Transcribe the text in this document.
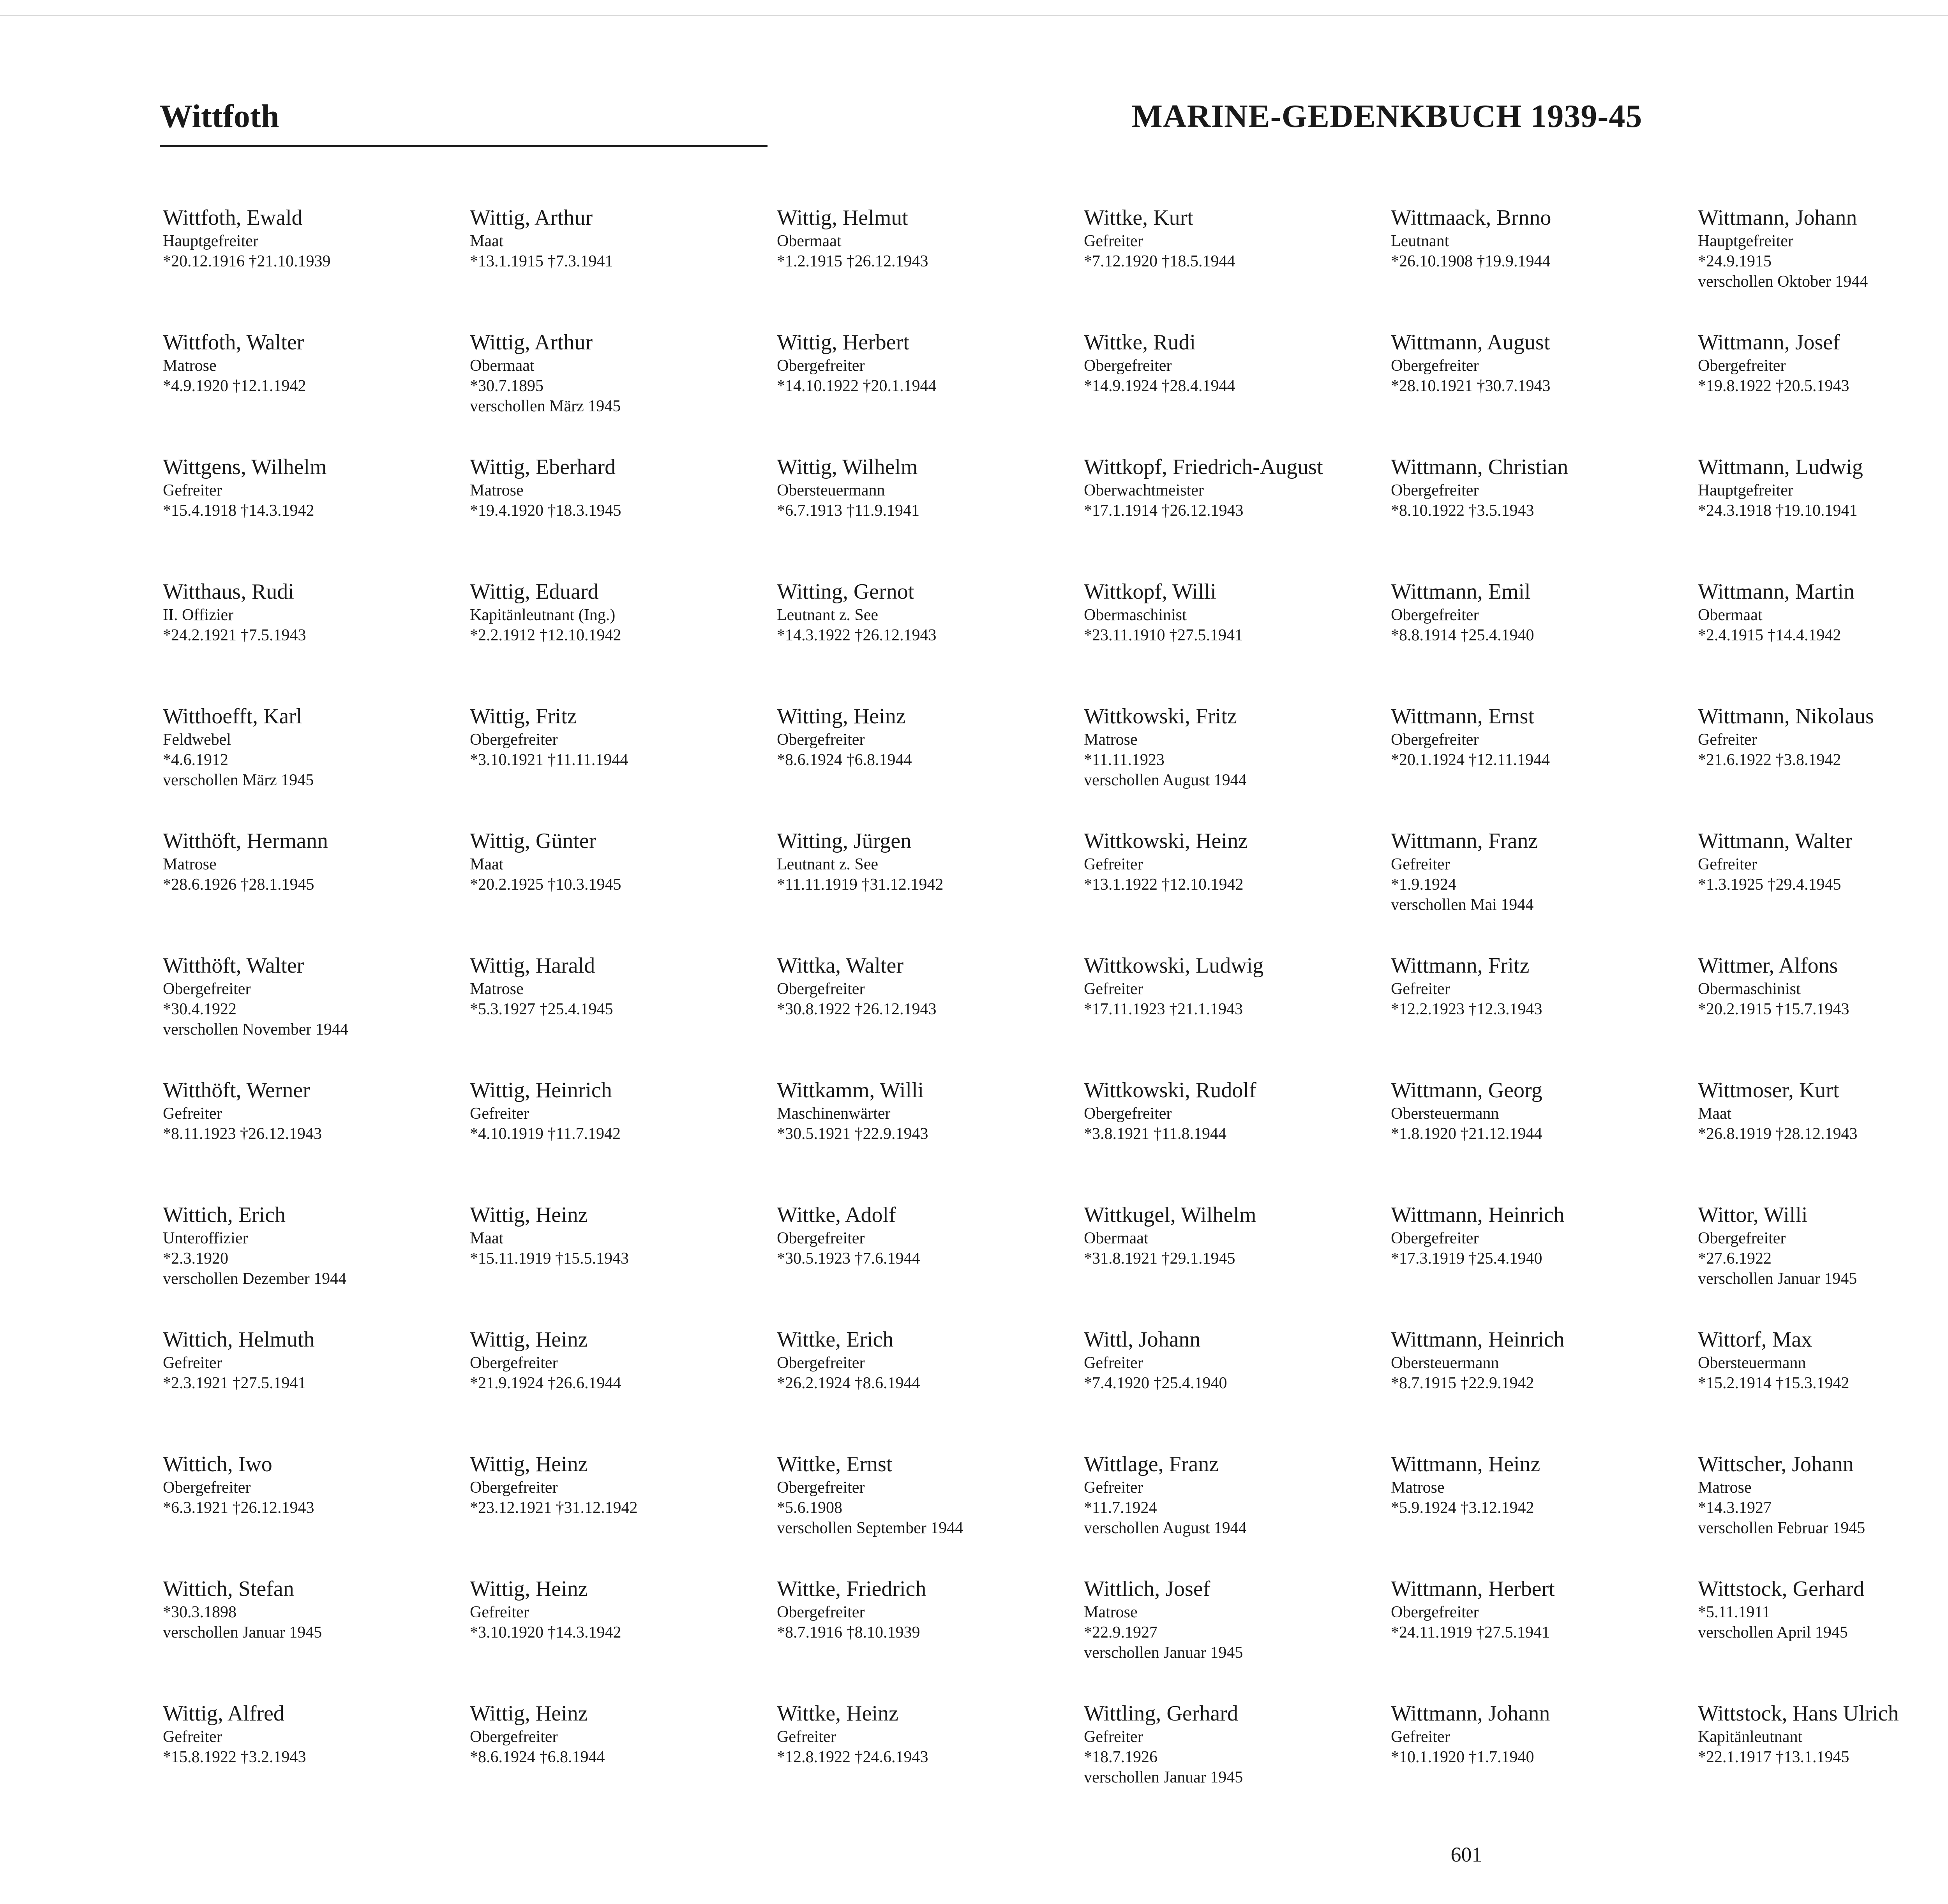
Wittfoth	MARINE-GEDENKBUCH 1939-45
Wittfoth, Ewald
Hauptgefreiter
*20.12.1916 †21.10.1939
Wittfoth, Walter
Matrose
*4.9.1920 †12.1.1942
Wittgens, Wilhelm
Gefreiter
*15.4.1918 †14.3.1942
Witthaus, Rudi
II. Offizier
*24.2.1921 †7.5.1943
Witthoefft, Karl
Feldwebel
*4.6.1912
verschollen März 1945
Witthöft, Hermann
Matrose
*28.6.1926 †28.1.1945
Witthöft, Walter
Obergefreiter
*30.4.1922
verschollen November 1944
Witthöft, Werner
Gefreiter
*8.11.1923 †26.12.1943
Wittich, Erich
Unteroffizier
*2.3.1920
verschollen Dezember 1944
Wittich, Helmuth
Gefreiter
*2.3.1921 †27.5.1941
Wittich, Iwo
Obergefreiter
*6.3.1921 †26.12.1943
Wittich, Stefan
*30.3.1898
verschollen Januar 1945
Wittig, Alfred
Gefreiter
*15.8.1922 †3.2.1943
Wittig, Arthur
Maat
*13.1.1915 †7.3.1941
Wittig, Arthur
Obermaat
*30.7.1895
verschollen März 1945
Wittig, Eberhard
Matrose
*19.4.1920 †18.3.1945
Wittig, Eduard
Kapitänleutnant (Ing.)
*2.2.1912 †12.10.1942
Wittig, Fritz
Obergefreiter
*3.10.1921 †11.11.1944
Wittig, Günter
Maat
*20.2.1925 †10.3.1945
Wittig, Harald
Matrose
*5.3.1927 †25.4.1945
Wittig, Heinrich
Gefreiter
*4.10.1919 †11.7.1942
Wittig, Heinz
Maat
*15.11.1919 †15.5.1943
Wittig, Heinz
Obergefreiter
*21.9.1924 †26.6.1944
Wittig, Heinz
Obergefreiter
*23.12.1921 †31.12.1942
Wittig, Heinz
Gefreiter
*3.10.1920 †14.3.1942
Wittig, Heinz
Obergefreiter
*8.6.1924 †6.8.1944
Wittig, Helmut
Obermaat
*1.2.1915 †26.12.1943
Wittig, Herbert
Obergefreiter
*14.10.1922 †20.1.1944
Wittig, Wilhelm
Obersteuermann
*6.7.1913 †11.9.1941
Witting, Gernot
Leutnant z. See
*14.3.1922 †26.12.1943
Witting, Heinz
Obergefreiter
*8.6.1924 †6.8.1944
Witting, Jürgen
Leutnant z. See
*11.11.1919 †31.12.1942
Wittka, Walter
Obergefreiter
*30.8.1922 †26.12.1943
Wittkamm, Willi
Maschinenwärter
*30.5.1921 †22.9.1943
Wittke, Adolf
Obergefreiter
*30.5.1923 †7.6.1944
Wittke, Erich
Obergefreiter
*26.2.1924 †8.6.1944
Wittke, Ernst
Obergefreiter
*5.6.1908
verschollen September 1944
Wittke, Friedrich
Obergefreiter
*8.7.1916 †8.10.1939
Wittke, Heinz
Gefreiter
*12.8.1922 †24.6.1943
Wittke, Kurt
Gefreiter
*7.12.1920 †18.5.1944
Wittke, Rudi
Obergefreiter
*14.9.1924 †28.4.1944
Wittkopf, Friedrich-August
Oberwachtmeister
*17.1.1914 †26.12.1943
Wittkopf, Willi
Obermaschinist
*23.11.1910 †27.5.1941
Wittkowski, Fritz
Matrose
*11.11.1923
verschollen August 1944
Wittkowski, Heinz
Gefreiter
*13.1.1922 †12.10.1942
Wittkowski, Ludwig
Gefreiter
*17.11.1923 †21.1.1943
Wittkowski, Rudolf
Obergefreiter
*3.8.1921 †11.8.1944
Wittkugel, Wilhelm
Obermaat
*31.8.1921 †29.1.1945
Wittl, Johann
Gefreiter
*7.4.1920 †25.4.1940
Wittlage, Franz
Gefreiter
*11.7.1924
verschollen August 1944
Wittlich, Josef
Matrose
*22.9.1927
verschollen Januar 1945
Wittling, Gerhard
Gefreiter
*18.7.1926
verschollen Januar 1945
Wittmaack, Brnno
Leutnant
*26.10.1908 †19.9.1944
Wittmann, August
Obergefreiter
*28.10.1921 †30.7.1943
Wittmann, Christian
Obergefreiter
*8.10.1922 †3.5.1943
Wittmann, Emil
Obergefreiter
*8.8.1914 †25.4.1940
Wittmann, Ernst
Obergefreiter
*20.1.1924 †12.11.1944
Wittmann, Franz
Gefreiter
*1.9.1924
verschollen Mai 1944
Wittmann, Fritz
Gefreiter
*12.2.1923 †12.3.1943
Wittmann, Georg
Obersteuermann
*1.8.1920 †21.12.1944
Wittmann, Heinrich
Obergefreiter
*17.3.1919 †25.4.1940
Wittmann, Heinrich
Obersteuermann
*8.7.1915 †22.9.1942
Wittmann, Heinz
Matrose
*5.9.1924 †3.12.1942
Wittmann, Herbert
Obergefreiter
*24.11.1919 †27.5.1941
Wittmann, Johann
Gefreiter
*10.1.1920 †1.7.1940
Wittmann, Johann
Hauptgefreiter
*24.9.1915
verschollen Oktober 1944
Wittmann, Josef
Obergefreiter
*19.8.1922 †20.5.1943
Wittmann, Ludwig
Hauptgefreiter
*24.3.1918 †19.10.1941
Wittmann, Martin
Obermaat
*2.4.1915 †14.4.1942
Wittmann, Nikolaus
Gefreiter
*21.6.1922 †3.8.1942
Wittmann, Walter
Gefreiter
*1.3.1925 †29.4.1945
Wittmer, Alfons
Obermaschinist
*20.2.1915 †15.7.1943
Wittmoser, Kurt
Maat
*26.8.1919 †28.12.1943
Wittor, Willi
Obergefreiter
*27.6.1922
verschollen Januar 1945
Wittorf, Max
Obersteuermann
*15.2.1914 †15.3.1942
Wittscher, Johann
Matrose
*14.3.1927
verschollen Februar 1945
Wittstock, Gerhard
*5.11.1911
verschollen April 1945
Wittstock, Hans Ulrich
Kapitänleutnant
*22.1.1917 †13.1.1945
601
